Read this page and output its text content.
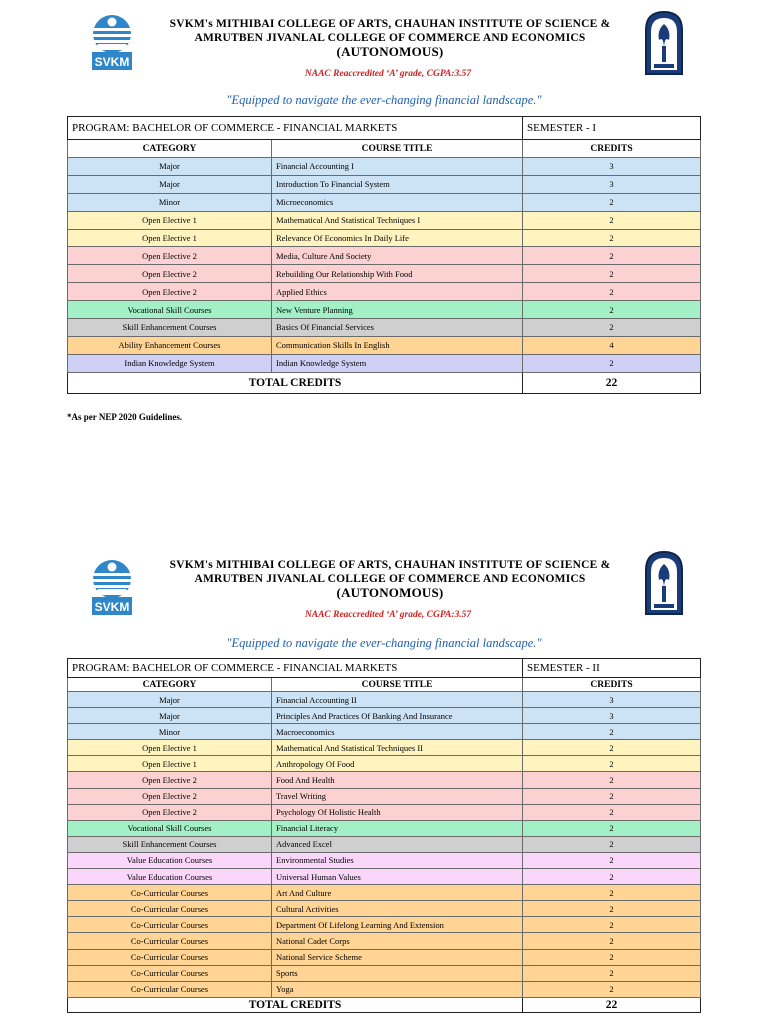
SVKM
SVKM's MITHIBAI COLLEGE OF ARTS, CHAUHAN INSTITUTE OF SCIENCE &
AMRUTBEN JIVANLAL COLLEGE OF COMMERCE AND ECONOMICS
(AUTONOMOUS)
NAAC Reaccredited ‘A’ grade, CGPA:3.57
"Equipped to navigate the ever-changing financial landscape."
PROGRAM: BACHELOR OF COMMERCE - FINANCIAL MARKETS		SEMESTER - I
CATEGORY	COURSE TITLE	CREDITS
Major	Financial Accounting I	3
Major	Introduction To Financial System	3
Minor	Microeconomics	2
Open Elective 1	Mathematical And Statistical Techniques I	2
Open Elective 1	Relevance Of Economics In Daily Life	2
Open Elective 2	Media, Culture And Society	2
Open Elective 2	Rebuilding Our Relationship With Food	2
Open Elective 2	Applied Ethics	2
Vocational Skill Courses	New Venture Planning	2
Skill Enhancement Courses	Basics Of Financial Services	2
Ability Enhancement Courses	Communication Skills In English	4
Indian Knowledge System	Indian Knowledge System	2
TOTAL CREDITS		22
*As per NEP 2020 Guidelines.
SVKM
SVKM's MITHIBAI COLLEGE OF ARTS, CHAUHAN INSTITUTE OF SCIENCE &
AMRUTBEN JIVANLAL COLLEGE OF COMMERCE AND ECONOMICS
(AUTONOMOUS)
NAAC Reaccredited ‘A’ grade, CGPA:3.57
"Equipped to navigate the ever-changing financial landscape."
PROGRAM: BACHELOR OF COMMERCE - FINANCIAL MARKETS		SEMESTER - II
CATEGORY	COURSE TITLE	CREDITS
Major	Financial Accounting II	3
Major	Principles And Practices Of Banking And Insurance	3
Minor	Macroeconomics	2
Open Elective 1	Mathematical And Statistical Techniques II	2
Open Elective 1	Anthropology Of Food	2
Open Elective 2	Food And Health	2
Open Elective 2	Travel Writing	2
Open Elective 2	Psychology Of Holistic Health	2
Vocational Skill Courses	Financial Literacy	2
Skill Enhancement Courses	Advanced Excel	2
Value Education Courses	Environmental Studies	2
Value Education Courses	Universal Human Values	2
Co-Curricular Courses	Art And Culture	2
Co-Curricular Courses	Cultural Activities	2
Co-Curricular Courses	Department Of Lifelong Learning And Extension	2
Co-Curricular Courses	National Cadet Corps	2
Co-Curricular Courses	National Service Scheme	2
Co-Curricular Courses	Sports	2
Co-Curricular Courses	Yoga	2
TOTAL CREDITS		22
